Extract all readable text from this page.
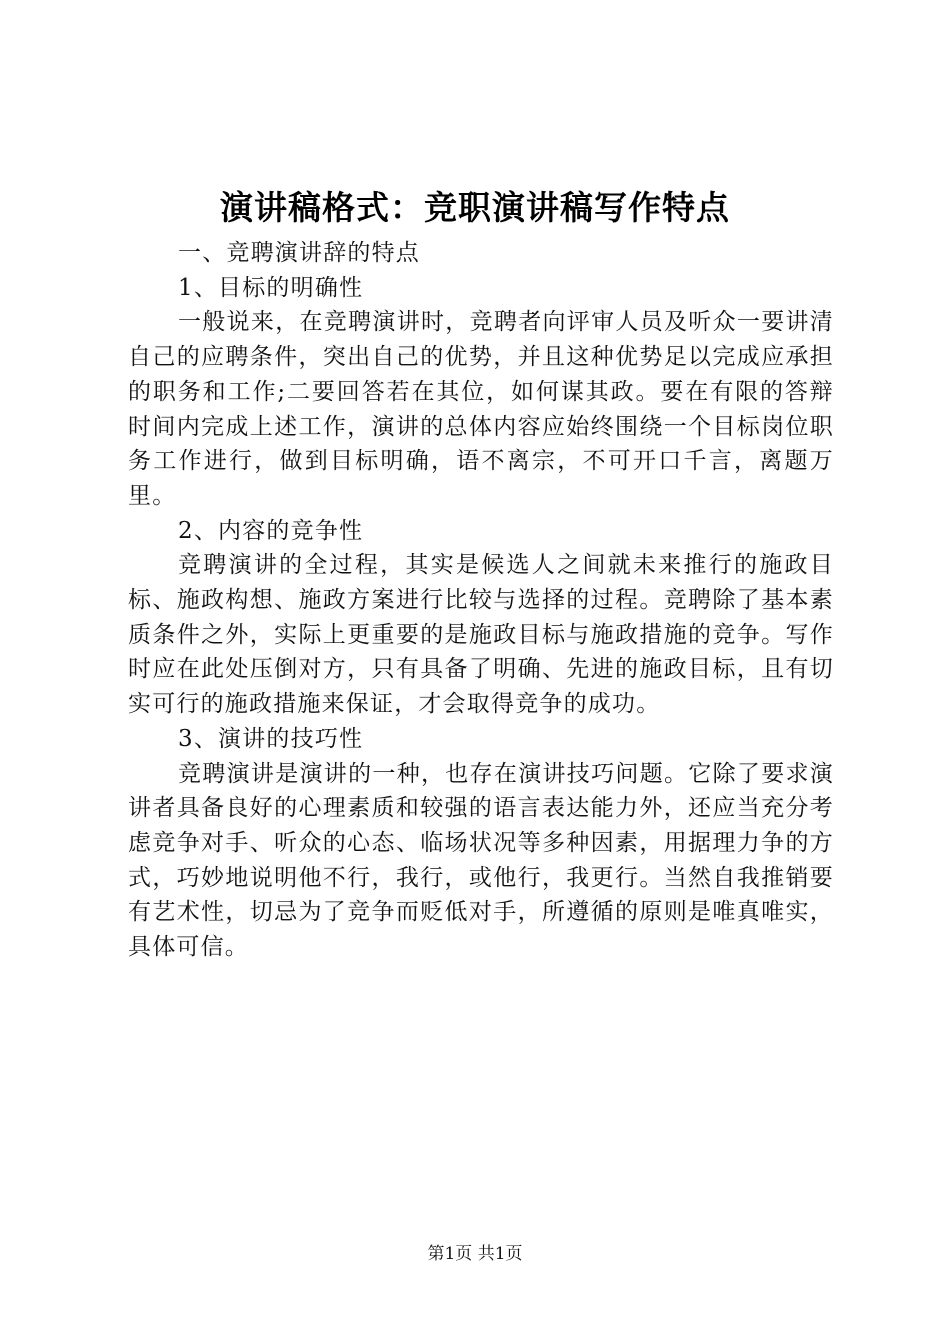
演讲稿格式：竞职演讲稿写作特点

一、竞聘演讲辞的特点

1、目标的明确性

一般说来，在竞聘演讲时，竞聘者向评审人员及听众一要讲清自己的应聘条件，突出自己的优势，并且这种优势足以完成应承担的职务和工作;二要回答若在其位，如何谋其政。要在有限的答辩时间内完成上述工作，演讲的总体内容应始终围绕一个目标岗位职务工作进行，做到目标明确，语不离宗，不可开口千言，离题万里。

2、内容的竞争性

竞聘演讲的全过程，其实是候选人之间就未来推行的施政目标、施政构想、施政方案进行比较与选择的过程。竞聘除了基本素质条件之外，实际上更重要的是施政目标与施政措施的竞争。写作时应在此处压倒对方，只有具备了明确、先进的施政目标，且有切实可行的施政措施来保证，才会取得竞争的成功。

3、演讲的技巧性

竞聘演讲是演讲的一种，也存在演讲技巧问题。它除了要求演讲者具备良好的心理素质和较强的语言表达能力外，还应当充分考虑竞争对手、听众的心态、临场状况等多种因素，用据理力争的方式，巧妙地说明他不行，我行，或他行，我更行。当然自我推销要有艺术性，切忌为了竞争而贬低对手，所遵循的原则是唯真唯实，具体可信。

第1页 共1页
